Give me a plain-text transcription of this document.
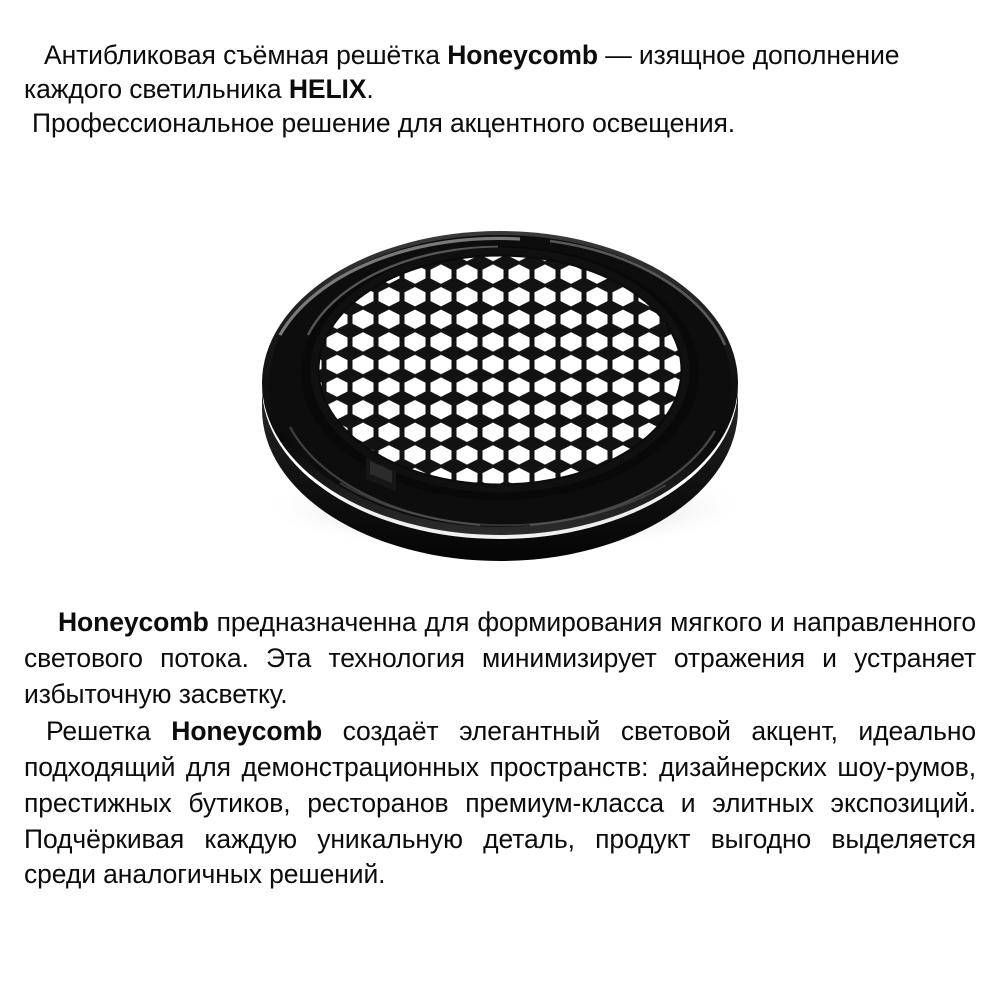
Антибликовая съёмная решётка Honeycomb — изящное дополнение каждого светильника HELIX.

Профессиональное решение для акцентного освещения.

Honeycomb предназначенна для формирования мягкого и направленного светового потока. Эта технология минимизирует отражения и устраняет избыточную засветку.

Решетка Honeycomb создаёт элегантный световой акцент, идеально подходящий для демонстрационных пространств: дизайнерских шоу-румов, престижных бутиков, ресторанов премиум-класса и элитных экспозиций. Подчёркивая каждую уникальную деталь, продукт выгодно выделяется среди аналогичных решений.
